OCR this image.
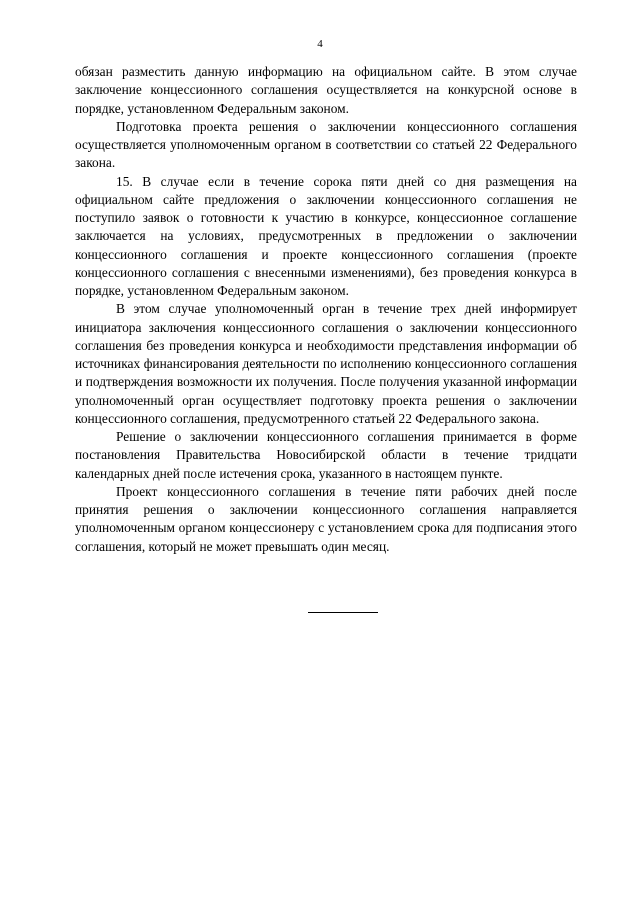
4

обязан разместить данную информацию на официальном сайте. В этом случае заключение концессионного соглашения осуществляется на конкурсной основе в порядке, установленном Федеральным законом.

Подготовка проекта решения о заключении концессионного соглашения осуществляется уполномоченным органом в соответствии со статьей 22 Федерального закона.

15. В случае если в течение сорока пяти дней со дня размещения на официальном сайте предложения о заключении концессионного соглашения не поступило заявок о готовности к участию в конкурсе, концессионное соглашение заключается на условиях, предусмотренных в предложении о заключении концессионного соглашения и проекте концессионного соглашения (проекте концессионного соглашения с внесенными изменениями), без проведения конкурса в порядке, установленном Федеральным законом.

В этом случае уполномоченный орган в течение трех дней информирует инициатора заключения концессионного соглашения о заключении концессионного соглашения без проведения конкурса и необходимости представления информации об источниках финансирования деятельности по исполнению концессионного соглашения и подтверждения возможности их получения. После получения указанной информации уполномоченный орган осуществляет подготовку проекта решения о заключении концессионного соглашения, предусмотренного статьей 22 Федерального закона.

Решение о заключении концессионного соглашения принимается в форме постановления Правительства Новосибирской области в течение тридцати календарных дней после истечения срока, указанного в настоящем пункте.

Проект концессионного соглашения в течение пяти рабочих дней после принятия решения о заключении концессионного соглашения направляется уполномоченным органом концессионеру с установлением срока для подписания этого соглашения, который не может превышать один месяц.
